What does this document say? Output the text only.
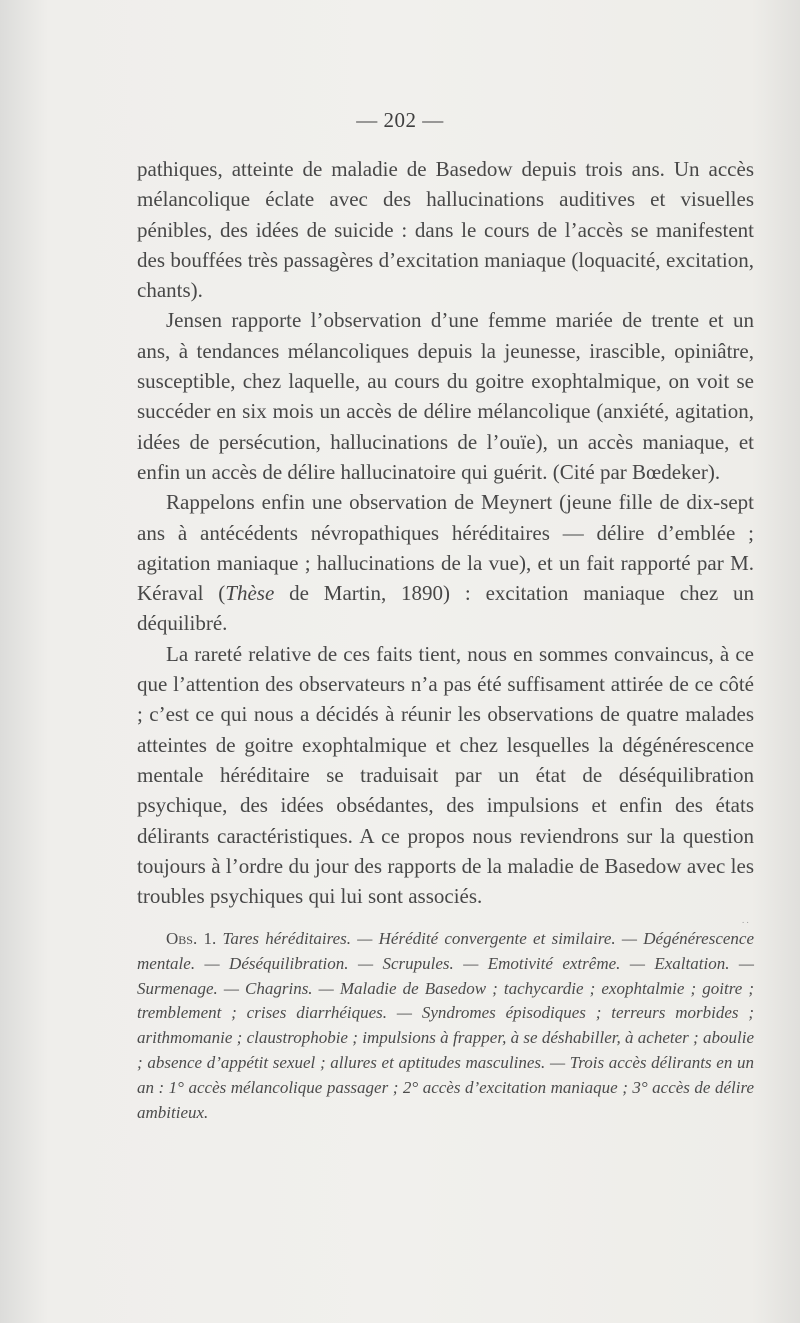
— 202 —

pathiques, atteinte de maladie de Basedow depuis trois ans. Un accès mélancolique éclate avec des hallucinations auditives et visuelles pénibles, des idées de suicide : dans le cours de l’accès se manifestent des bouffées très passagères d’excitation maniaque (loquacité, excitation, chants).

Jensen rapporte l’observation d’une femme mariée de trente et un ans, à tendances mélancoliques depuis la jeunesse, irascible, opiniâtre, susceptible, chez laquelle, au cours du goitre exophtalmique, on voit se succéder en six mois un accès de délire mélancolique (anxiété, agitation, idées de persécution, hallucinations de l’ouïe), un accès maniaque, et enfin un accès de délire hallucinatoire qui guérit. (Cité par Bœdeker).

Rappelons enfin une observation de Meynert (jeune fille de dix-sept ans à antécédents névropathiques héréditaires — délire d’emblée ; agitation maniaque ; hallucinations de la vue), et un fait rapporté par M. Kéraval (Thèse de Martin, 1890) : excitation maniaque chez un déquilibré.

La rareté relative de ces faits tient, nous en sommes convaincus, à ce que l’attention des observateurs n’a pas été suffisament attirée de ce côté ; c’est ce qui nous a décidés à réunir les observations de quatre malades atteintes de goitre exophtalmique et chez lesquelles la dégénérescence mentale héréditaire se traduisait par un état de déséquilibration psychique, des idées obsédantes, des impulsions et enfin des états délirants caractéristiques. A ce propos nous reviendrons sur la question toujours à l’ordre du jour des rapports de la maladie de Basedow avec les troubles psychiques qui lui sont associés.

. .
Obs. 1. Tares héréditaires. — Hérédité convergente et similaire. — Dégénérescence mentale. — Déséquilibration. — Scrupules. — Emotivité extrême. — Exaltation. — Surmenage. — Chagrins. — Maladie de Basedow ; tachycardie ; exophtalmie ; goitre ; tremblement ; crises diarrhéiques. — Syndromes épisodiques ; terreurs morbides ; arithmomanie ; claustrophobie ; impulsions à frapper, à se déshabiller, à acheter ; aboulie ; absence d’appétit sexuel ; allures et aptitudes masculines. — Trois accès délirants en un an : 1° accès mélancolique passager ; 2° accès d’excitation maniaque ; 3° accès de délire ambitieux.
